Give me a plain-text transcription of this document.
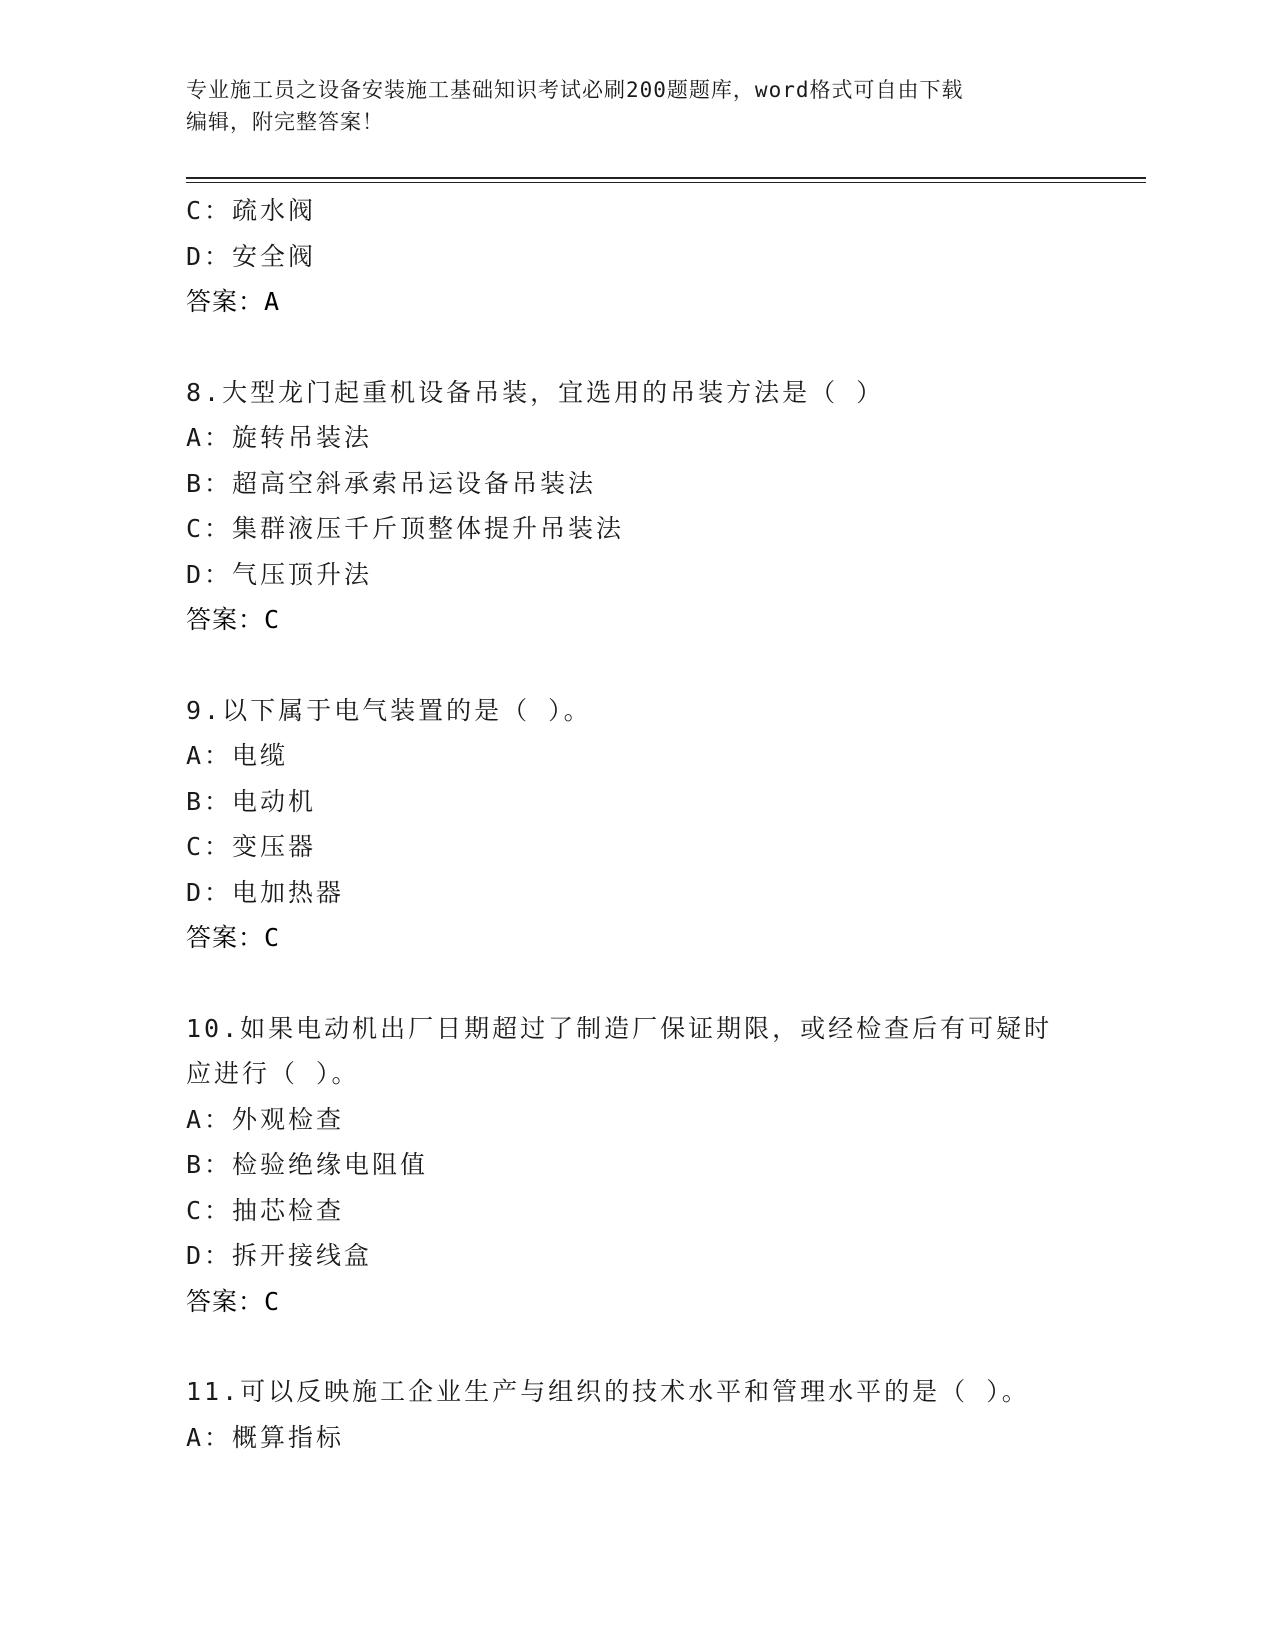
专业施工员之设备安装施工基础知识考试必刷200题题库，word格式可自由下载
编辑，附完整答案！
C：疏水阀
D：安全阀
答案：A
8.大型龙门起重机设备吊装，宜选用的吊装方法是（ ）
A：旋转吊装法
B：超高空斜承索吊运设备吊装法
C：集群液压千斤顶整体提升吊装法
D：气压顶升法
答案：C
9.以下属于电气装置的是（ ）。
A：电缆
B：电动机
C：变压器
D：电加热器
答案：C
10.如果电动机出厂日期超过了制造厂保证期限，或经检查后有可疑时
应进行（ ）。
A：外观检查
B：检验绝缘电阻值
C：抽芯检查
D：拆开接线盒
答案：C
11.可以反映施工企业生产与组织的技术水平和管理水平的是（ ）。
A：概算指标
